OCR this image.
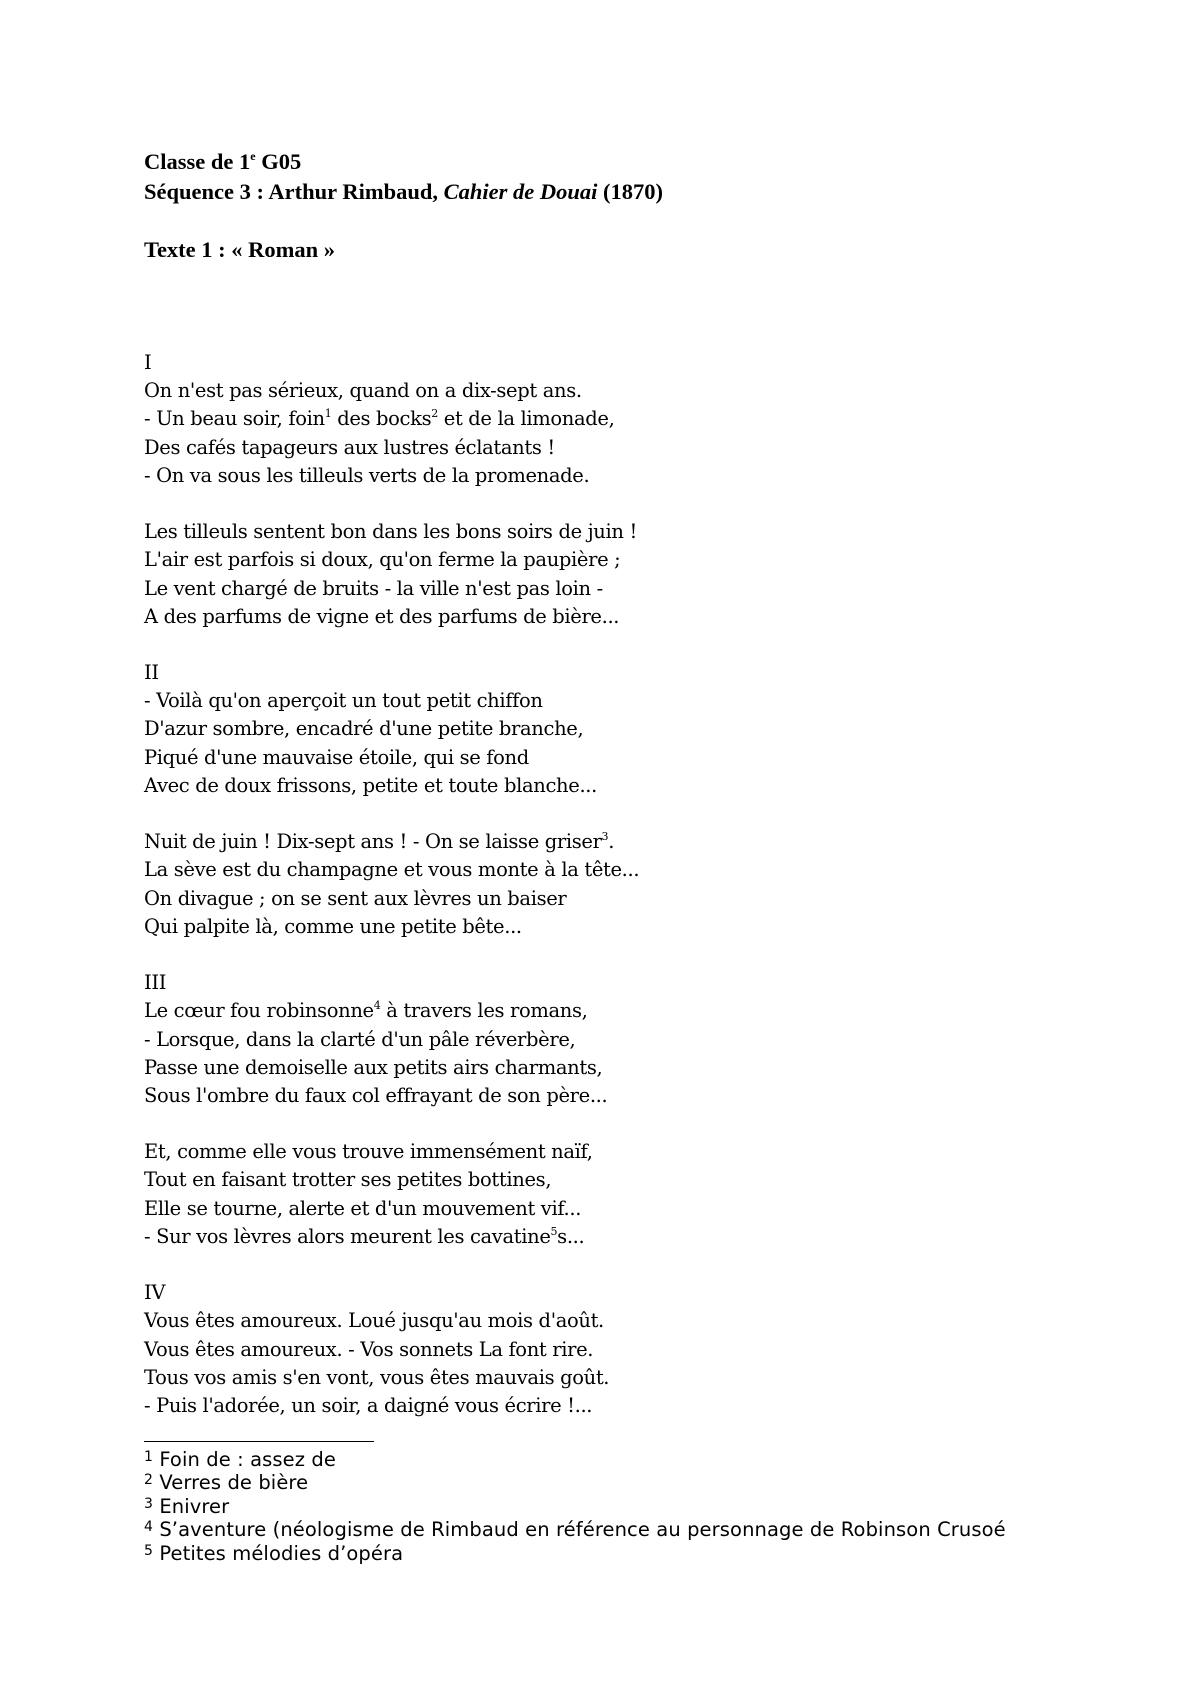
Classe de 1e G05
Séquence 3 : Arthur Rimbaud, Cahier de Douai (1870)
Texte 1 : « Roman »
I
On n'est pas sérieux, quand on a dix-sept ans.
- Un beau soir, foin$^1$ des bocks$^2$ et de la limonade,
Des cafés tapageurs aux lustres éclatants !
- On va sous les tilleuls verts de la promenade.
Les tilleuls sentent bon dans les bons soirs de juin !
L'air est parfois si doux, qu'on ferme la paupière ;
Le vent chargé de bruits - la ville n'est pas loin -
A des parfums de vigne et des parfums de bière...
II
- Voilà qu'on aperçoit un tout petit chiffon
D'azur sombre, encadré d'une petite branche,
Piqué d'une mauvaise étoile, qui se fond
Avec de doux frissons, petite et toute blanche...
Nuit de juin ! Dix-sept ans ! - On se laisse griser$^3$.
La sève est du champagne et vous monte à la tête...
On divague ; on se sent aux lèvres un baiser
Qui palpite là, comme une petite bête...
III
Le cœur fou robinsonne$^4$ à travers les romans,
- Lorsque, dans la clarté d'un pâle réverbère,
Passe une demoiselle aux petits airs charmants,
Sous l'ombre du faux col effrayant de son père...
Et, comme elle vous trouve immensément naïf,
Tout en faisant trotter ses petites bottines,
Elle se tourne, alerte et d'un mouvement vif...
- Sur vos lèvres alors meurent les cavatine$^5$s...
IV
Vous êtes amoureux. Loué jusqu'au mois d'août.
Vous êtes amoureux. - Vos sonnets La font rire.
Tous vos amis s'en vont, vous êtes mauvais goût.
- Puis l'adorée, un soir, a daigné vous écrire !...
$^1$ Foin de : assez de
$^2$ Verres de bière
$^3$ Enivrer
$^4$ S’aventure (néologisme de Rimbaud en référence au personnage de Robinson Crusoé
$^5$ Petites mélodies d’opéra
